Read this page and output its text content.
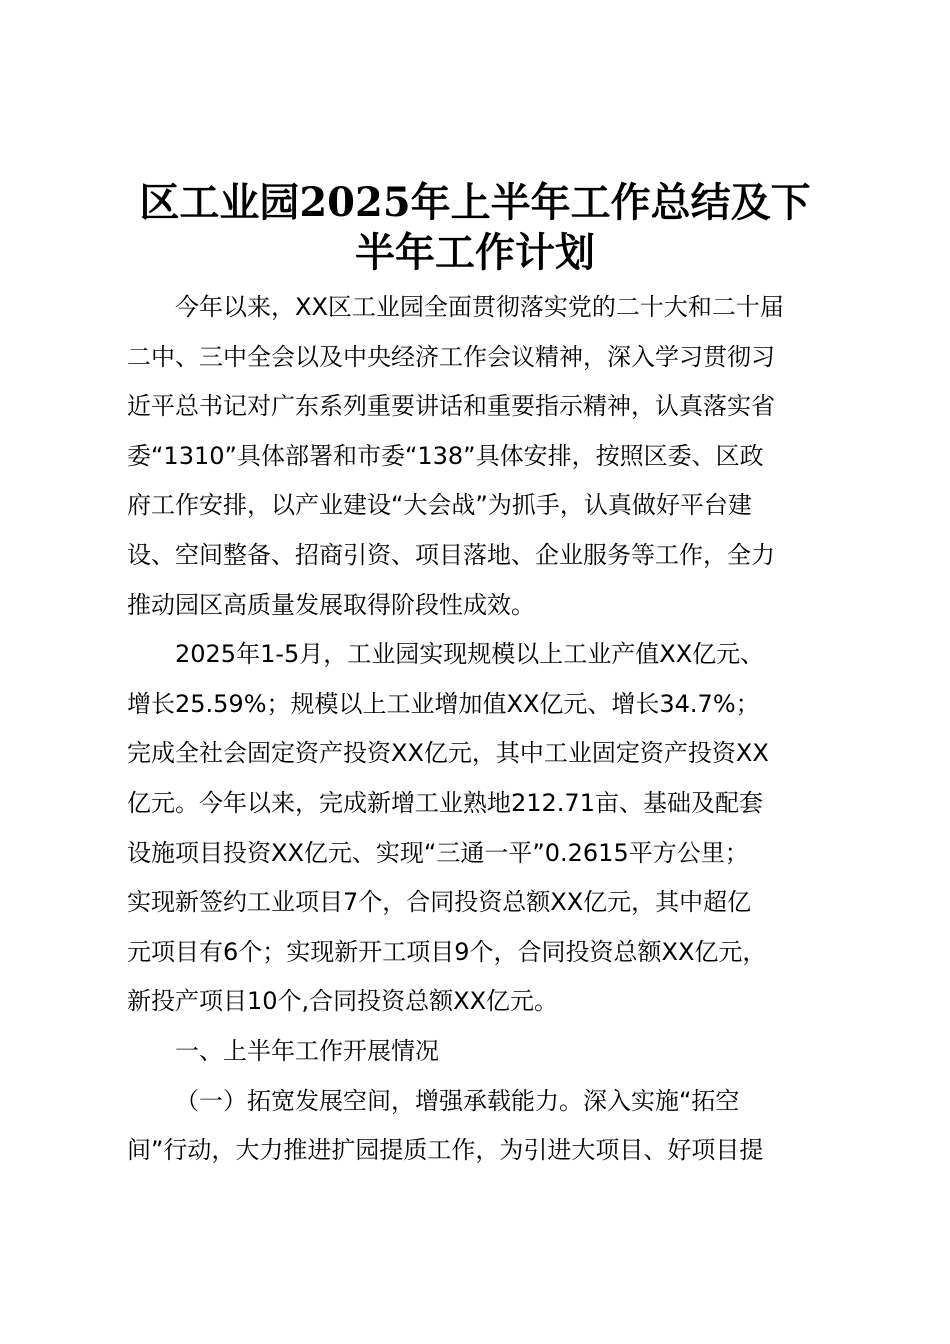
区工业园2025年上半年工作总结及下
半年工作计划
今年以来，XX区工业园全面贯彻落实党的二十大和二十届
二中、三中全会以及中央经济工作会议精神，深入学习贯彻习
近平总书记对广东系列重要讲话和重要指示精神，认真落实省
委“1310”具体部署和市委“138”具体安排，按照区委、区政
府工作安排，以产业建设“大会战”为抓手，认真做好平台建
设、空间整备、招商引资、项目落地、企业服务等工作，全力
推动园区高质量发展取得阶段性成效。
2025年1-5月，工业园实现规模以上工业产值XX亿元、
增长25.59%；规模以上工业增加值XX亿元、增长34.7%；
完成全社会固定资产投资XX亿元，其中工业固定资产投资XX
亿元。今年以来，完成新增工业熟地212.71亩、基础及配套
设施项目投资XX亿元、实现“三通一平”0.2615平方公里；
实现新签约工业项目7个，合同投资总额XX亿元，其中超亿
元项目有6个；实现新开工项目9个，合同投资总额XX亿元，
新投产项目10个,合同投资总额XX亿元。
一、上半年工作开展情况
（一）拓宽发展空间，增强承载能力。深入实施“拓空
间”行动，大力推进扩园提质工作，为引进大项目、好项目提
